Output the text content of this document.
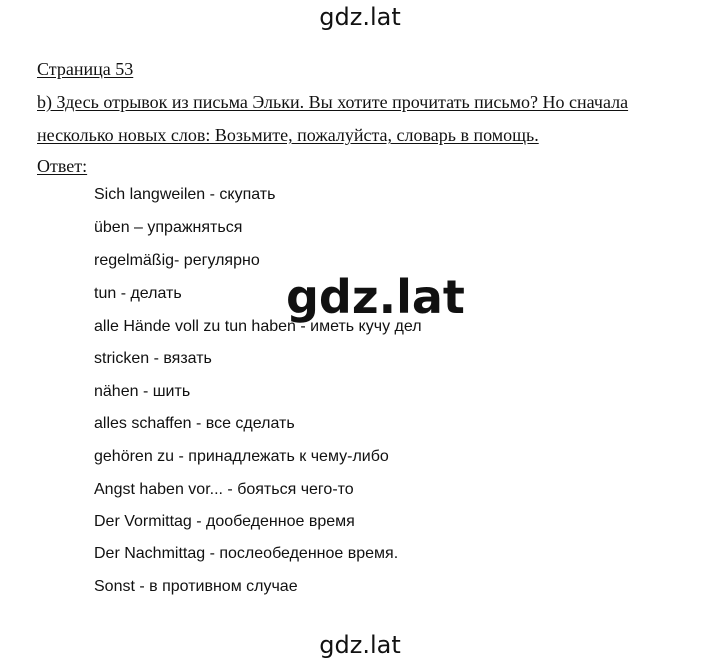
gdz.lat
Страница 53
b) Здесь отрывок из письма Эльки. Вы хотите прочитать письмо? Но сначала
несколько новых слов: Возьмите, пожалуйста, словарь в помощь.
Ответ:
Sich langweilen - скупать
üben – упражняться
regelmäßig- регулярно
tun - делать
alle Hände voll zu tun haben - иметь кучу дел
stricken - вязать
nähen - шить
alles schaffen - все сделать
gehören zu - принадлежать к чему-либо
Angst haben vor... - бояться чего-то
Der Vormittag - дообеденное время
Der Nachmittag - послеобеденное время.
Sonst - в противном случае
gdz.lat
gdz.lat
